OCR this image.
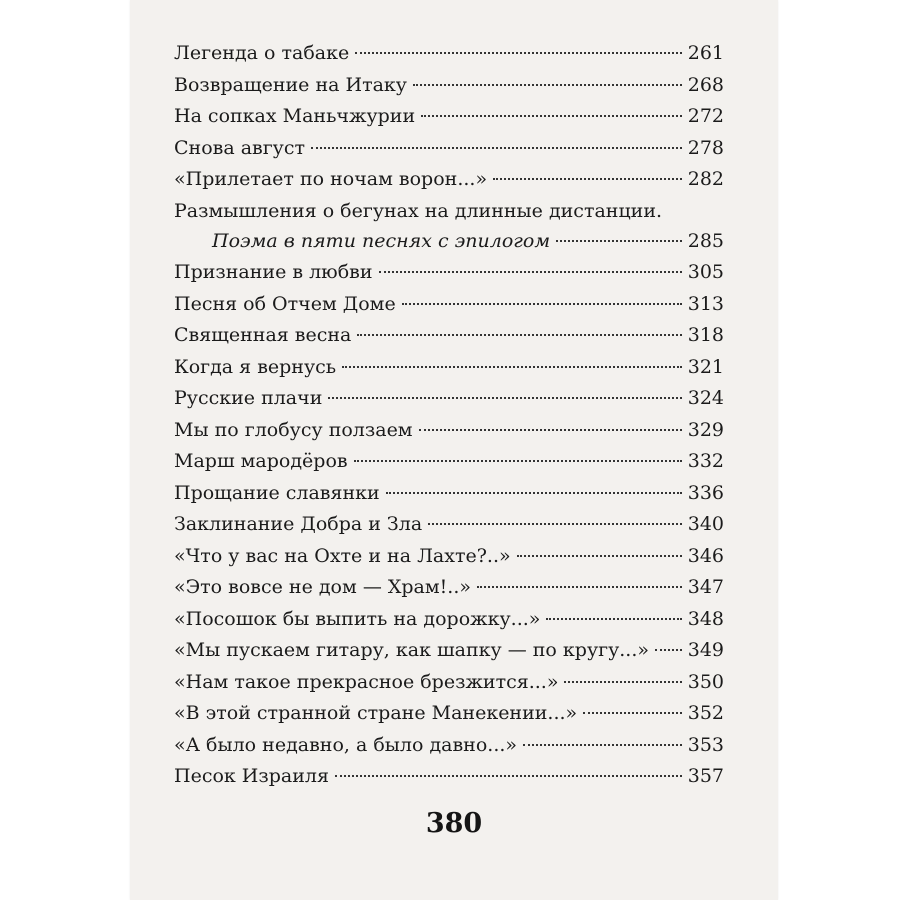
Легенда о табаке	261
Возвращение на Итаку	268
На сопках Маньчжурии	272
Снова август	278
«Прилетает по ночам ворон...»	282
Размышления о бегунах на длинные дистанции.
Поэма в пяти песнях с эпилогом	285
Признание в любви	305
Песня об Отчем Доме	313
Священная весна	318
Когда я вернусь	321
Русские плачи	324
Мы по глобусу ползаем	329
Марш мародёров	332
Прощание славянки	336
Заклинание Добра и Зла	340
«Что у вас на Охте и на Лахте?..»	346
«Это вовсе не дом — Храм!..»	347
«Посошок бы выпить на дорожку...»	348
«Мы пускаем гитару, как шапку — по кругу...» 349
«Нам такое прекрасное брезжится...»	350
«В этой странной стране Манекении...»	352
«А было недавно, а было давно...»	353
Песок Израиля	357
380
